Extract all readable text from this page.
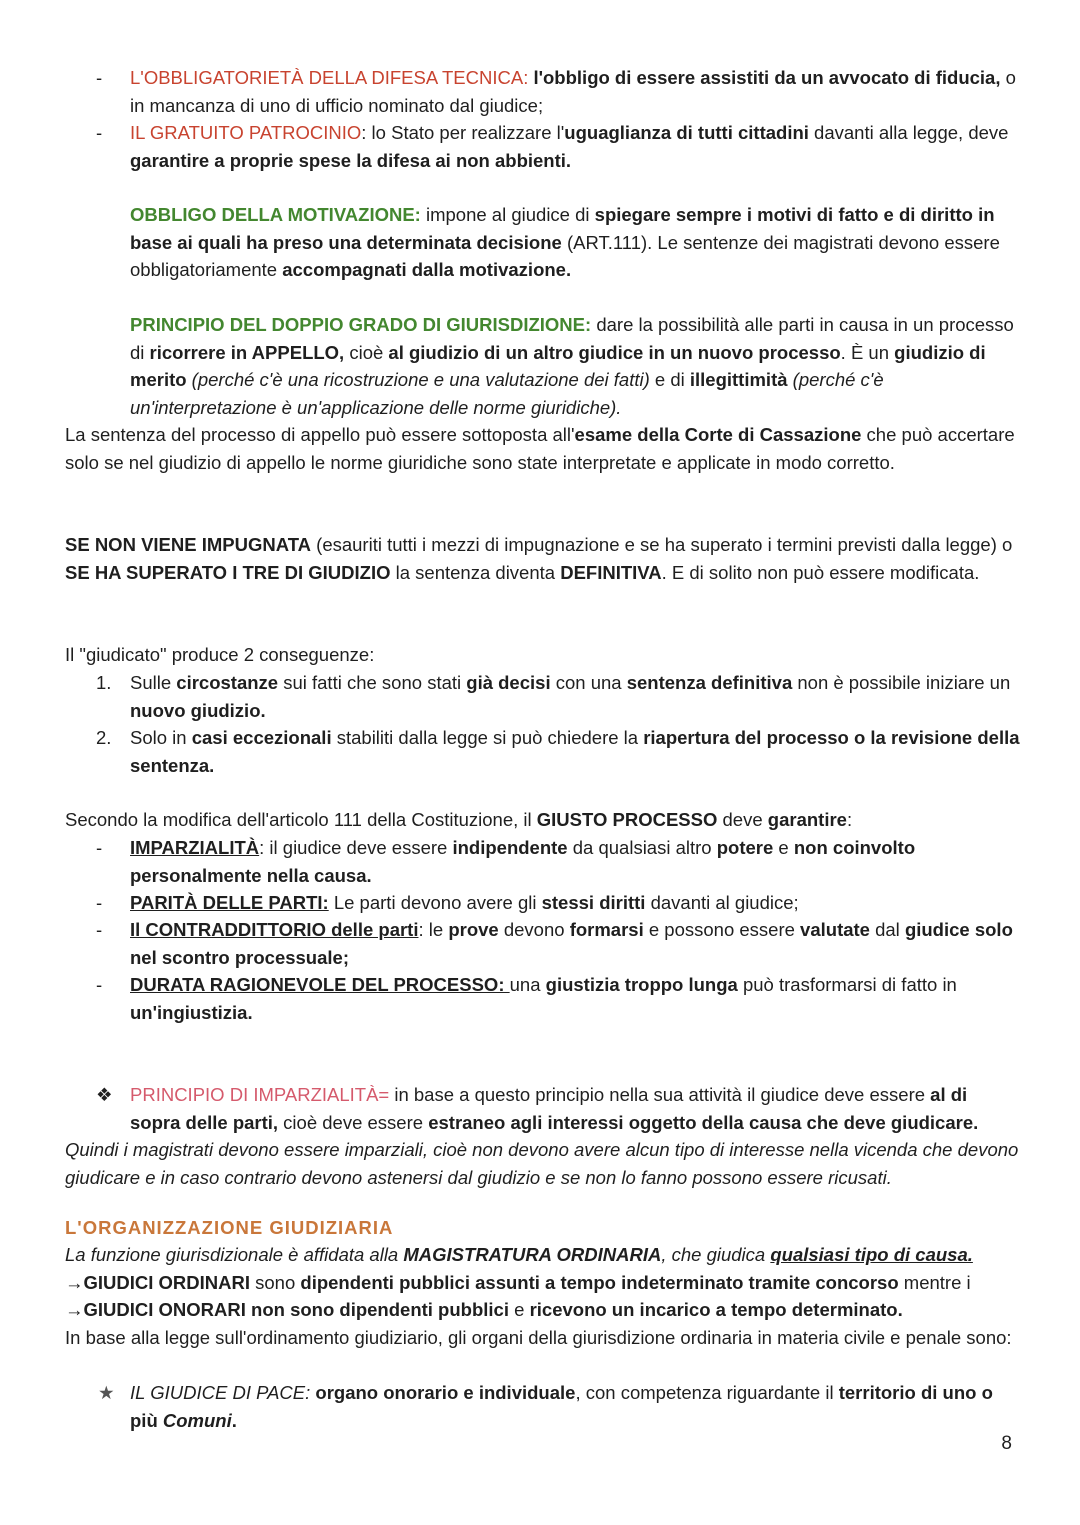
- L'OBBLIGATORIETÀ DELLA DIFESA TECNICA: l'obbligo di essere assistiti da un avvocato di fiducia, o in mancanza di uno di ufficio nominato dal giudice;

- IL GRATUITO PATROCINIO: lo Stato per realizzare l'uguaglianza di tutti cittadini davanti alla legge, deve garantire a proprie spese la difesa ai non abbienti.

OBBLIGO DELLA MOTIVAZIONE: impone al giudice di spiegare sempre i motivi di fatto e di diritto in base ai quali ha preso una determinata decisione (ART.111). Le sentenze dei magistrati devono essere obbligatoriamente accompagnati dalla motivazione.

PRINCIPIO DEL DOPPIO GRADO DI GIURISDIZIONE: dare la possibilità alle parti in causa in un processo di ricorrere in APPELLO, cioè al giudizio di un altro giudice in un nuovo processo. È un giudizio di merito (perché c'è una ricostruzione e una valutazione dei fatti) e di illegittimità (perché c'è un'interpretazione è un'applicazione delle norme giuridiche).

La sentenza del processo di appello può essere sottoposta all'esame della Corte di Cassazione che può accertare solo se nel giudizio di appello le norme giuridiche sono state interpretate e applicate in modo corretto.

SE NON VIENE IMPUGNATA (esauriti tutti i mezzi di impugnazione e se ha superato i termini previsti dalla legge) o SE HA SUPERATO I TRE DI GIUDIZIO la sentenza diventa DEFINITIVA. E di solito non può essere modificata.

Il "giudicato" produce 2 conseguenze:

1. Sulle circostanze sui fatti che sono stati già decisi con una sentenza definitiva non è possibile iniziare un nuovo giudizio.

2. Solo in casi eccezionali stabiliti dalla legge si può chiedere la riapertura del processo o la revisione della sentenza.

Secondo la modifica dell'articolo 111 della Costituzione, il GIUSTO PROCESSO deve garantire:

- IMPARZIALITÀ: il giudice deve essere indipendente da qualsiasi altro potere e non coinvolto personalmente nella causa.

- PARITÀ DELLE PARTI: Le parti devono avere gli stessi diritti davanti al giudice;

- Il CONTRADDITTORIO delle parti: le prove devono formarsi e possono essere valutate dal giudice solo nel scontro processuale;

- DURATA RAGIONEVOLE DEL PROCESSO: una giustizia troppo lunga può trasformarsi di fatto in un'ingiustizia.

❖ PRINCIPIO DI IMPARZIALITÀ= in base a questo principio nella sua attività il giudice deve essere al di sopra delle parti, cioè deve essere estraneo agli interessi oggetto della causa che deve giudicare.

Quindi i magistrati devono essere imparziali, cioè non devono avere alcun tipo di interesse nella vicenda che devono giudicare e in caso contrario devono astenersi dal giudizio e se non lo fanno possono essere ricusati.

L'ORGANIZZAZIONE GIUDIZIARIA

La funzione giurisdizionale è affidata alla MAGISTRATURA ORDINARIA, che giudica qualsiasi tipo di causa.

→GIUDICI ORDINARI sono dipendenti pubblici assunti a tempo indeterminato tramite concorso mentre i

→GIUDICI ONORARI non sono dipendenti pubblici e ricevono un incarico a tempo determinato.

In base alla legge sull'ordinamento giudiziario, gli organi della giurisdizione ordinaria in materia civile e penale sono:

★ IL GIUDICE DI PACE: organo onorario e individuale, con competenza riguardante il territorio di uno o più Comuni.

8
